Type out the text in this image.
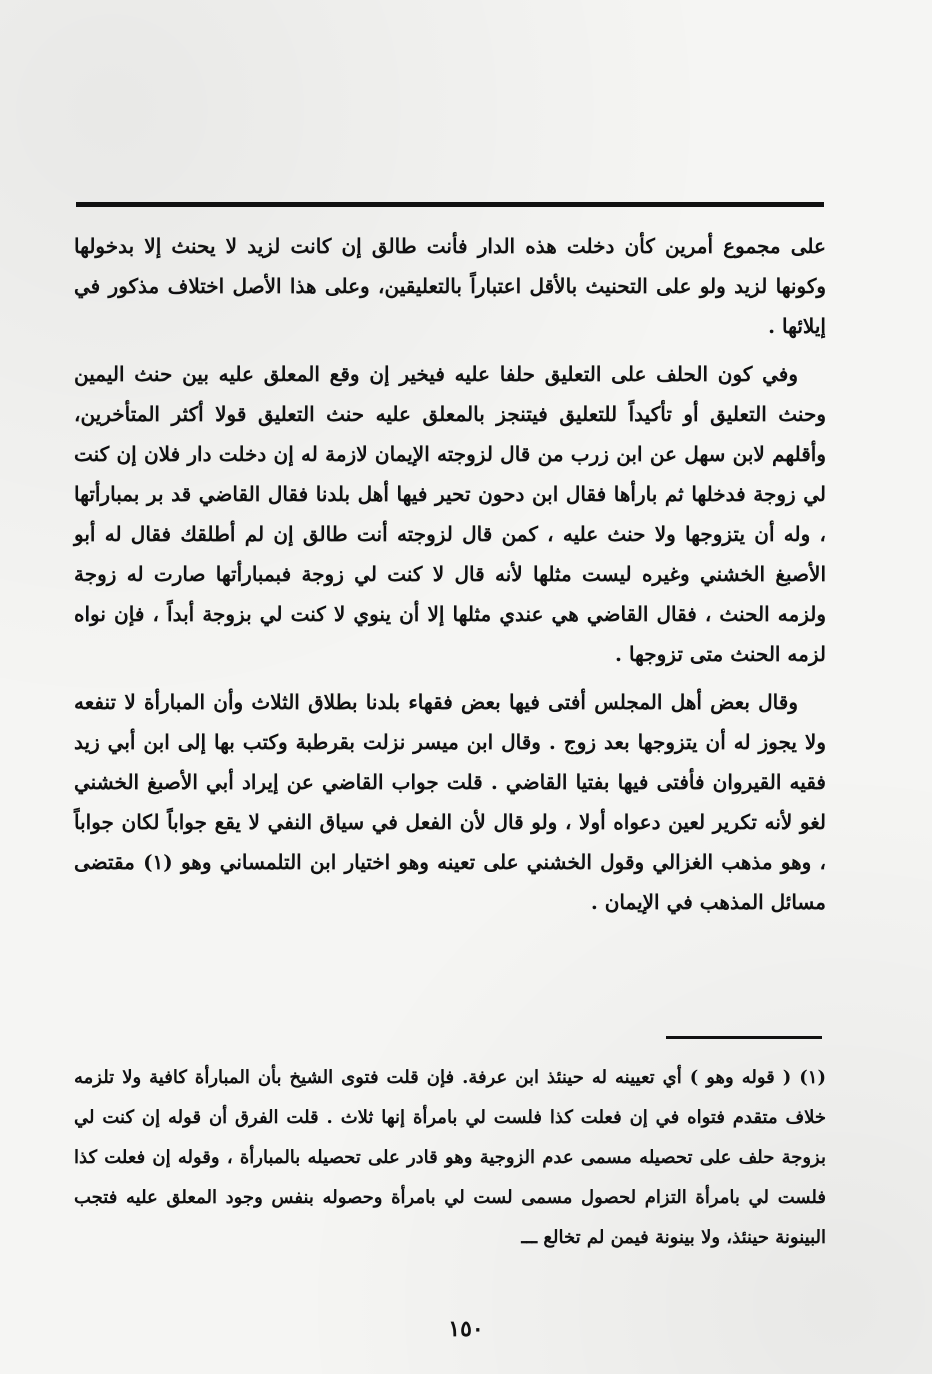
على مجموع أمرين كأن دخلت هذه الدار فأنت طالق إن كانت لزيد لا يحنث إلا بدخولها وكونها لزيد ولو على التحنيث بالأقل اعتباراً بالتعليقين، وعلى هذا الأصل اختلاف مذكور في إيلائها .

وفي كون الحلف على التعليق حلفا عليه فيخير إن وقع المعلق عليه بين حنث اليمين وحنث التعليق أو تأكيداً للتعليق فيتنجز بالمعلق عليه حنث التعليق قولا أكثر المتأخرين، وأقلهم لابن سهل عن ابن زرب من قال لزوجته الإيمان لازمة له إن دخلت دار فلان إن كنت لي زوجة فدخلها ثم بارأها فقال ابن دحون تحير فيها أهل بلدنا فقال القاضي قد بر بمبارأتها ، وله أن يتزوجها ولا حنث عليه ، كمن قال لزوجته أنت طالق إن لم أطلقك فقال له أبو الأصبغ الخشني وغيره ليست مثلها لأنه قال لا كنت لي زوجة فبمبارأتها صارت له زوجة ولزمه الحنث ، فقال القاضي هي عندي مثلها إلا أن ينوي لا كنت لي بزوجة أبداً ، فإن نواه لزمه الحنث متى تزوجها .

وقال بعض أهل المجلس أفتى فيها بعض فقهاء بلدنا بطلاق الثلاث وأن المبارأة لا تنفعه ولا يجوز له أن يتزوجها بعد زوج . وقال ابن ميسر نزلت بقرطبة وكتب بها إلى ابن أبي زيد فقيه القيروان فأفتى فيها بفتيا القاضي . قلت جواب القاضي عن إيراد أبي الأصبغ الخشني لغو لأنه تكرير لعين دعواه أولا ، ولو قال لأن الفعل في سياق النفي لا يقع جواباً لكان جواباً ، وهو مذهب الغزالي وقول الخشني على تعينه وهو اختيار ابن التلمساني وهو (١) مقتضى مسائل المذهب في الإيمان .

(١) ( قوله وهو ) أي تعيينه له حينئذ ابن عرفة. فإن قلت فتوى الشيخ بأن المبارأة كافية ولا تلزمه خلاف متقدم فتواه في إن فعلت كذا فلست لي بامرأة إنها ثلاث . قلت الفرق أن قوله إن كنت لي بزوجة حلف على تحصيله مسمى عدم الزوجية وهو قادر على تحصيله بالمبارأة ، وقوله إن فعلت كذا فلست لي بامرأة التزام لحصول مسمى لست لي بامرأة وحصوله بنفس وجود المعلق عليه فتجب البينونة حينئذ، ولا بينونة فيمن لم تخالع ـــ

١٥٠
